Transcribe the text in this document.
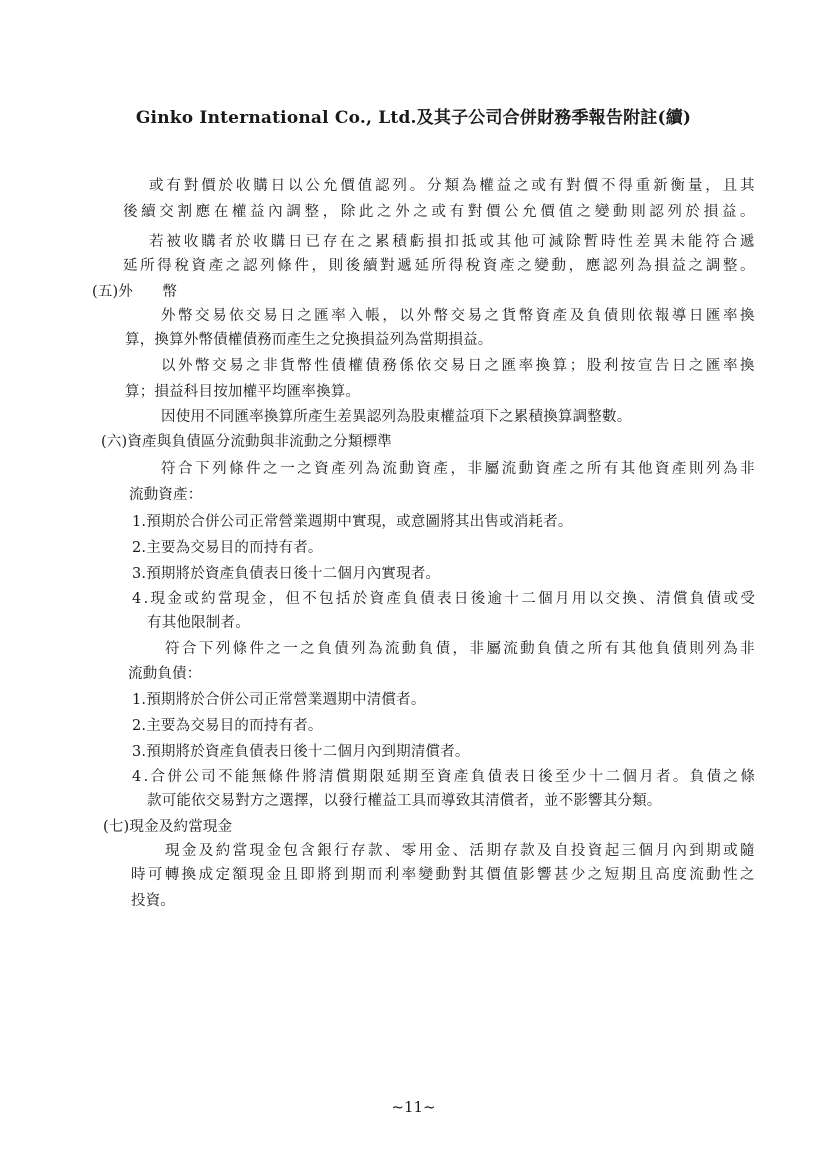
Ginko International Co., Ltd.及其子公司合併財務季報告附註(續)
或有對價於收購日以公允價值認列。分類為權益之或有對價不得重新衡量，且其
後續交割應在權益內調整，除此之外之或有對價公允價值之變動則認列於損益。
若被收購者於收購日已存在之累積虧損扣抵或其他可減除暫時性差異未能符合遞
延所得稅資產之認列條件，則後續對遞延所得稅資產之變動，應認列為損益之調整。
(五)外　　幣
外幣交易依交易日之匯率入帳，以外幣交易之貨幣資產及負債則依報導日匯率換
算，換算外幣債權債務而產生之兌換損益列為當期損益。
以外幣交易之非貨幣性債權債務係依交易日之匯率換算；股利按宣告日之匯率換
算；損益科目按加權平均匯率換算。
因使用不同匯率換算所產生差異認列為股東權益項下之累積換算調整數。
(六)資產與負債區分流動與非流動之分類標準
符合下列條件之一之資產列為流動資產，非屬流動資產之所有其他資產則列為非
流動資產：
1.預期於合併公司正常營業週期中實現，或意圖將其出售或消耗者。
2.主要為交易目的而持有者。
3.預期將於資產負債表日後十二個月內實現者。
4.現金或約當現金，但不包括於資產負債表日後逾十二個月用以交換、清償負債或受
有其他限制者。
符合下列條件之一之負債列為流動負債，非屬流動負債之所有其他負債則列為非
流動負債：
1.預期將於合併公司正常營業週期中清償者。
2.主要為交易目的而持有者。
3.預期將於資產負債表日後十二個月內到期清償者。
4.合併公司不能無條件將清償期限延期至資產負債表日後至少十二個月者。負債之條
款可能依交易對方之選擇，以發行權益工具而導致其清償者，並不影響其分類。
(七)現金及約當現金
現金及約當現金包含銀行存款、零用金、活期存款及自投資起三個月內到期或隨
時可轉換成定額現金且即將到期而利率變動對其價值影響甚少之短期且高度流動性之
投資。
~11~
